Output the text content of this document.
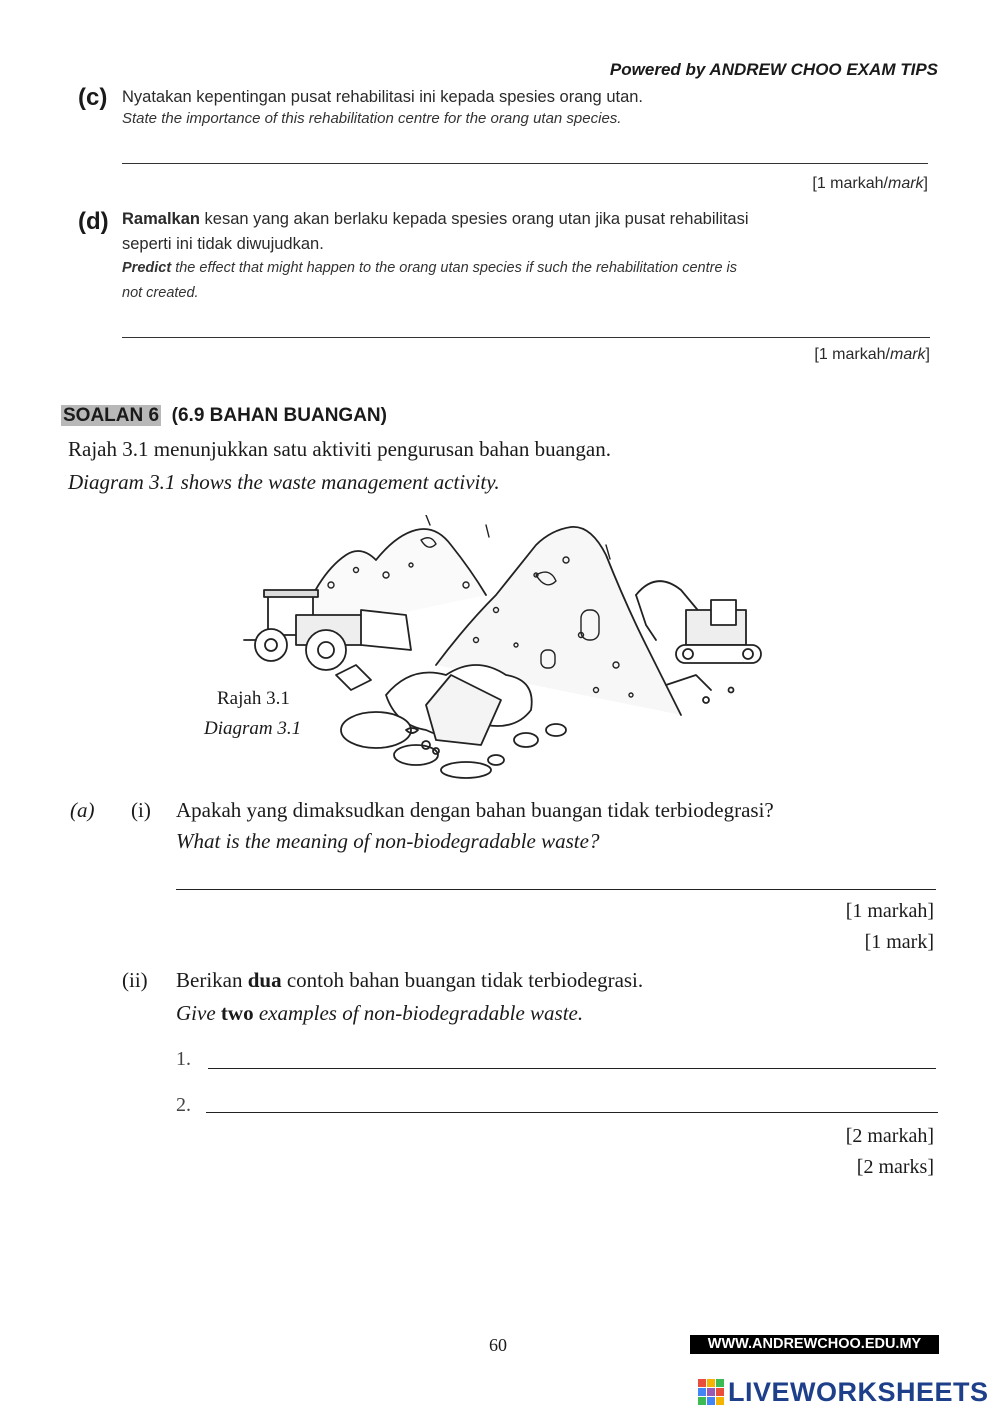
Powered by ANDREW CHOO EXAM TIPS
(c) Nyatakan kepentingan pusat rehabilitasi ini kepada spesies orang utan.
State the importance of this rehabilitation centre for the orang utan species.
[1 markah/mark]
(d) Ramalkan kesan yang akan berlaku kepada spesies orang utan jika pusat rehabilitasi
seperti ini tidak diwujudkan.
Predict the effect that might happen to the orang utan species if such the rehabilitation centre is
not created.
[1 markah/mark]
SOALAN 6 (6.9 BAHAN BUANGAN)
Rajah 3.1 menunjukkan satu aktiviti pengurusan bahan buangan.
Diagram 3.1 shows the waste management activity.
Rajah 3.1
Diagram 3.1
(a) (i) Apakah yang dimaksudkan dengan bahan buangan tidak terbiodegrasi?
What is the meaning of non-biodegradable waste?
[1 markah]
[1 mark]
(ii) Berikan dua contoh bahan buangan tidak terbiodegrasi.
Give two examples of non-biodegradable waste.
1.
2.
[2 markah]
[2 marks]
60	WWW.ANDREWCHOO.EDU.MY
LIVEWORKSHEETS
